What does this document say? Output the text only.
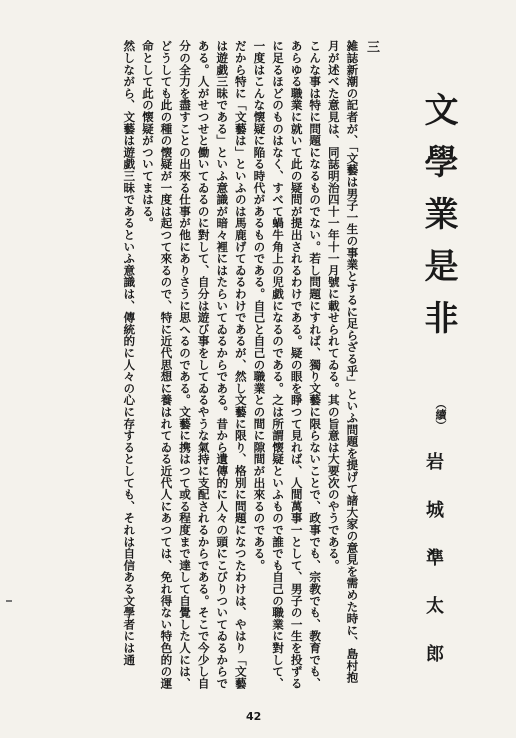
文學業是非
（續）
岩城準太郎

三

雑誌新潮の記者が、「文藝は男子一生の事業とするに足らざる乎」といふ問題を提げて諸大家の意見を需めた時に、島村抱月が述べた意見は、同誌明治四十一年十一月號に載せられてゐる。其の旨意は大要次のやうである。

こんな事は特に問題になるものでない。若し問題にすれば、獨り文藝に限らないことで、政事でも、宗教でも、教育でも、あらゆる職業に就いて此の疑問が提出されるわけである。疑の眼を睜つて見れば、人間萬事一として、男子の一生を投ずるに足るほどのものはなく、すべて蝸牛角上の児戯になるのである。之は所謂懐疑といふもので誰でも自己の職業に對して、一度はこんな懐疑に陥る時代があるものである。自己と自己の職業との間に隙間が出來るのである。

だから特に「文藝は」といふのは馬鹿げてゐるわけであるが、然し文藝に限り、格別に問題になつたわけは、やはり「文藝は遊戯三昧である」といふ意識が暗々裡にはたらいてゐるからである。昔から遺傳的に人々の頭にこびりついてゐるからである。人がせつせと働いてゐるのに對して、自分は遊び事をしてゐるやうな氣持に支配されるからである。そこで今少し自分の全力を盡すことの出來る仕事が他にありさうに思へるのである。文藝に携はつて或る程度まで達して自覺した人には、どうしても此の種の懐疑が一度は起つて來るので、特に近代思想に養はれてゐる近代人にあつては、免れ得ない特色的の運命として此の懐疑がついてまはる。

然しながら、文藝は遊戯三昧であるといふ意識は、傳統的に人々の心に存するとしても、それは自信ある文學者には通

42
